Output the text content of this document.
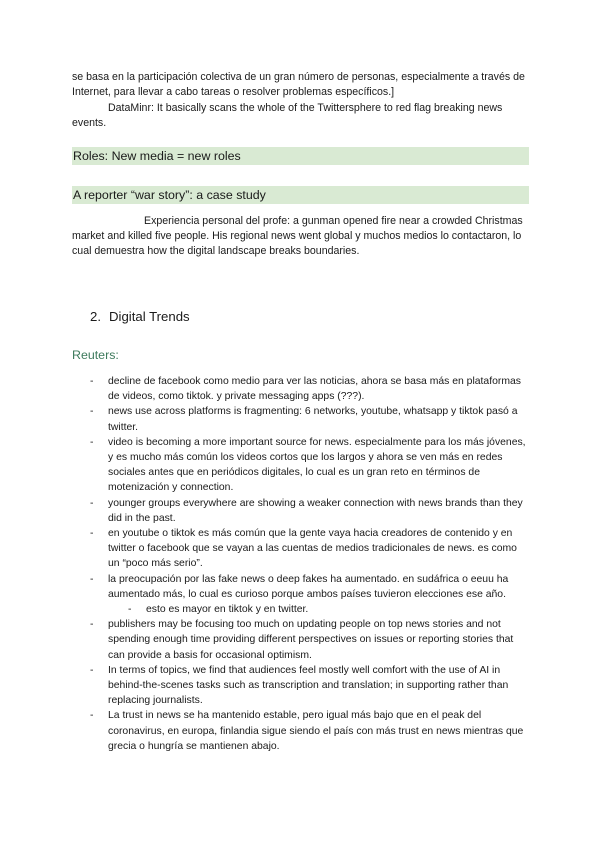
se basa en la participación colectiva de un gran número de personas, especialmente a través de Internet, para llevar a cabo tareas o resolver problemas específicos.]

DataMinr: It basically scans the whole of the Twittersphere to red flag breaking news events.

Roles: New media = new roles

A reporter “war story”: a case study

Experiencia personal del profe: a gunman opened fire near a crowded Christmas market and killed five people. His regional news went global y muchos medios lo contactaron, lo cual demuestra how the digital landscape breaks boundaries.

2. Digital Trends

Reuters:

- decline de facebook como medio para ver las noticias, ahora se basa más en plataformas de videos, como tiktok. y private messaging apps (???).
- news use across platforms is fragmenting: 6 networks, youtube, whatsapp y tiktok pasó a twitter.
- video is becoming a more important source for news. especialmente para los más jóvenes, y es mucho más común los videos cortos que los largos y ahora se ven más en redes sociales antes que en periódicos digitales, lo cual es un gran reto en términos de motenización y connection.
- younger groups everywhere are showing a weaker connection with news brands than they did in the past.
- en youtube o tiktok es más común que la gente vaya hacia creadores de contenido y en twitter o facebook que se vayan a las cuentas de medios tradicionales de news. es como un “poco más serio”.
- la preocupación por las fake news o deep fakes ha aumentado. en sudáfrica o eeuu ha aumentado más, lo cual es curioso porque ambos países tuvieron elecciones ese año.
- esto es mayor en tiktok y en twitter.
- publishers may be focusing too much on updating people on top news stories and not spending enough time providing different perspectives on issues or reporting stories that can provide a basis for occasional optimism.
- In terms of topics, we find that audiences feel mostly well comfort with the use of AI in behind-the-scenes tasks such as transcription and translation; in supporting rather than replacing journalists.
- La trust in news se ha mantenido estable, pero igual más bajo que en el peak del coronavirus, en europa, finlandia sigue siendo el país con más trust en news mientras que grecia o hungría se mantienen abajo.
